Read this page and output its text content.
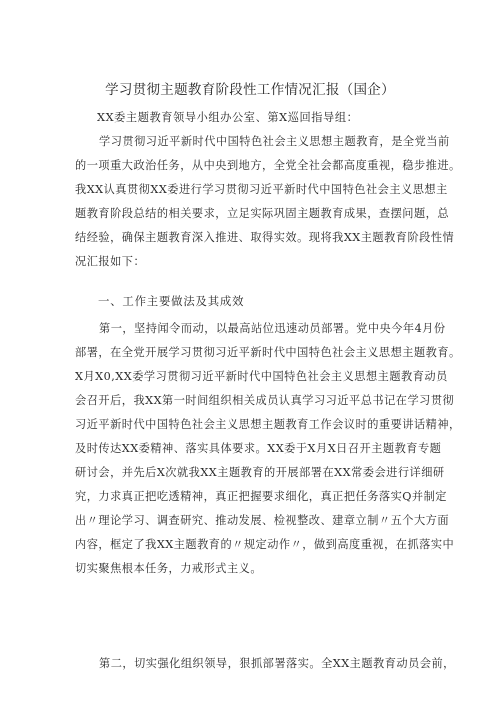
学习贯彻主题教育阶段性工作情况汇报（国企）
XX委主题教育领导小组办公室、第X巡回指导组：
学习贯彻习近平新时代中国特色社会主义思想主题教育，是全党当前
的一项重大政治任务，从中央到地方，全党全社会都高度重视，稳步推进。
我XX认真贯彻XX委进行学习贯彻习近平新时代中国特色社会主义思想主
题教育阶段总结的相关要求，立足实际巩固主题教育成果，查摆问题，总
结经验，确保主题教育深入推进、取得实效。现将我XX主题教育阶段性情
况汇报如下：
一、工作主要做法及其成效
第一，坚持闻令而动，以最高站位迅速动员部署。党中央今年4月份
部署，在全党开展学习贯彻习近平新时代中国特色社会主义思想主题教育。
X月X0,XX委学习贯彻习近平新时代中国特色社会主义思想主题教育动员
会召开后，我XX第一时间组织相关成员认真学习习近平总书记在学习贯彻
习近平新时代中国特色社会主义思想主题教育工作会议时的重要讲话精神，
及时传达XX委精神、落实具体要求。XX委于X月X日召开主题教育专题
研讨会，并先后X次就我XX主题教育的开展部署在XX常委会进行详细研
究，力求真正把吃透精神，真正把握要求细化，真正把任务落实Q并制定
出〃理论学习、调查研究、推动发展、检视整改、建章立制〃五个大方面
内容，框定了我XX主题教育的〃规定动作〃，做到高度重视，在抓落实中
切实聚焦根本任务，力戒形式主义。
第二，切实强化组织领导，狠抓部署落实。全XX主题教育动员会前，
